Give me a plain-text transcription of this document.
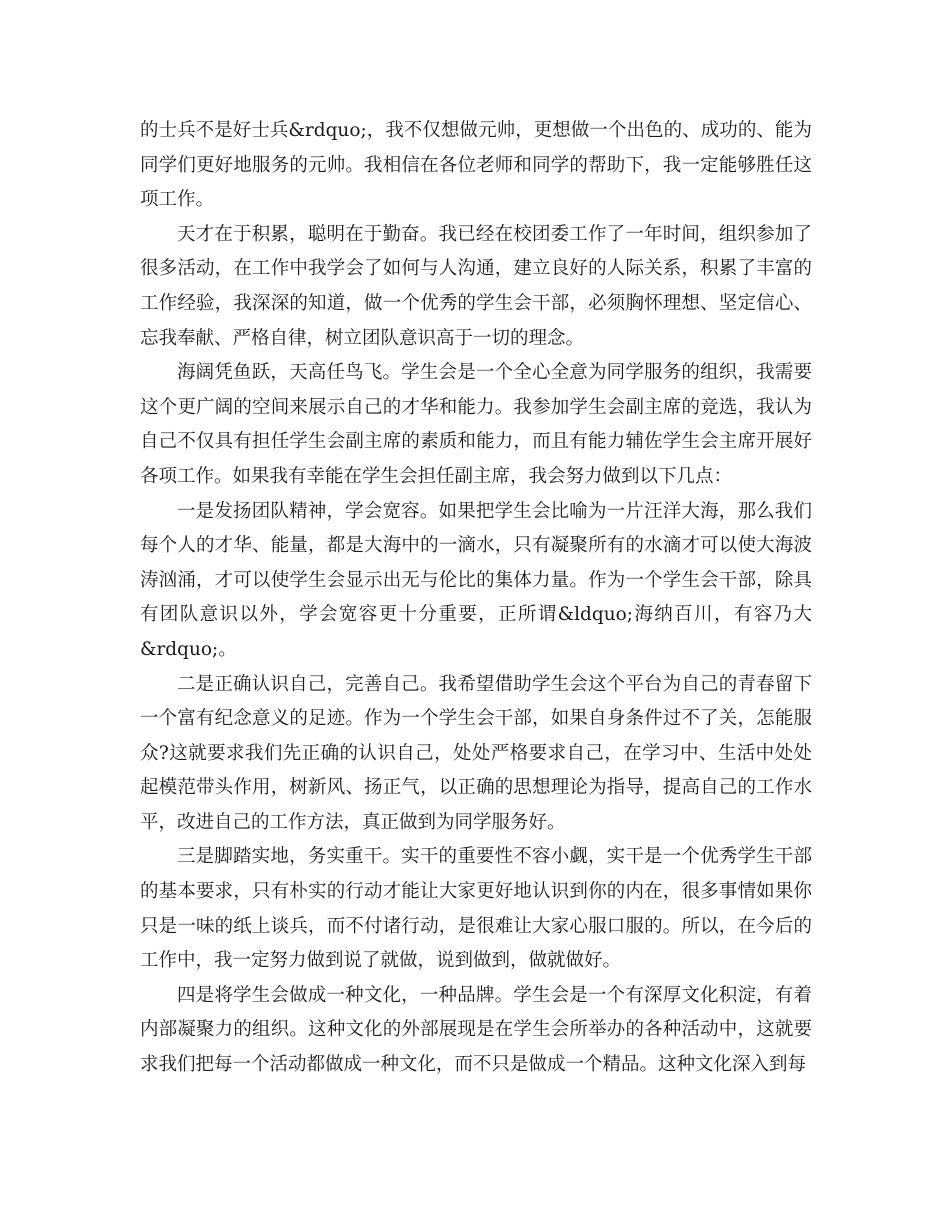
的士兵不是好士兵&rdquo;，我不仅想做元帅，更想做一个出色的、成功的、能为同学们更好地服务的元帅。我相信在各位老师和同学的帮助下，我一定能够胜任这项工作。

天才在于积累，聪明在于勤奋。我已经在校团委工作了一年时间，组织参加了很多活动，在工作中我学会了如何与人沟通，建立良好的人际关系，积累了丰富的工作经验，我深深的知道，做一个优秀的学生会干部，必须胸怀理想、坚定信心、忘我奉献、严格自律，树立团队意识高于一切的理念。

海阔凭鱼跃，天高任鸟飞。学生会是一个全心全意为同学服务的组织，我需要这个更广阔的空间来展示自己的才华和能力。我参加学生会副主席的竞选，我认为自己不仅具有担任学生会副主席的素质和能力，而且有能力辅佐学生会主席开展好各项工作。如果我有幸能在学生会担任副主席，我会努力做到以下几点：

一是发扬团队精神，学会宽容。如果把学生会比喻为一片汪洋大海，那么我们每个人的才华、能量，都是大海中的一滴水，只有凝聚所有的水滴才可以使大海波涛汹涌，才可以使学生会显示出无与伦比的集体力量。作为一个学生会干部，除具有团队意识以外，学会宽容更十分重要，正所谓&ldquo;海纳百川，有容乃大&rdquo;。

二是正确认识自己，完善自己。我希望借助学生会这个平台为自己的青春留下一个富有纪念意义的足迹。作为一个学生会干部，如果自身条件过不了关，怎能服众?这就要求我们先正确的认识自己，处处严格要求自己，在学习中、生活中处处起模范带头作用，树新风、扬正气，以正确的思想理论为指导，提高自己的工作水平，改进自己的工作方法，真正做到为同学服务好。

三是脚踏实地，务实重干。实干的重要性不容小觑，实干是一个优秀学生干部的基本要求，只有朴实的行动才能让大家更好地认识到你的内在，很多事情如果你只是一味的纸上谈兵，而不付诸行动，是很难让大家心服口服的。所以，在今后的工作中，我一定努力做到说了就做，说到做到，做就做好。

四是将学生会做成一种文化，一种品牌。学生会是一个有深厚文化积淀，有着内部凝聚力的组织。这种文化的外部展现是在学生会所举办的各种活动中，这就要求我们把每一个活动都做成一种文化，而不只是做成一个精品。这种文化深入到每
